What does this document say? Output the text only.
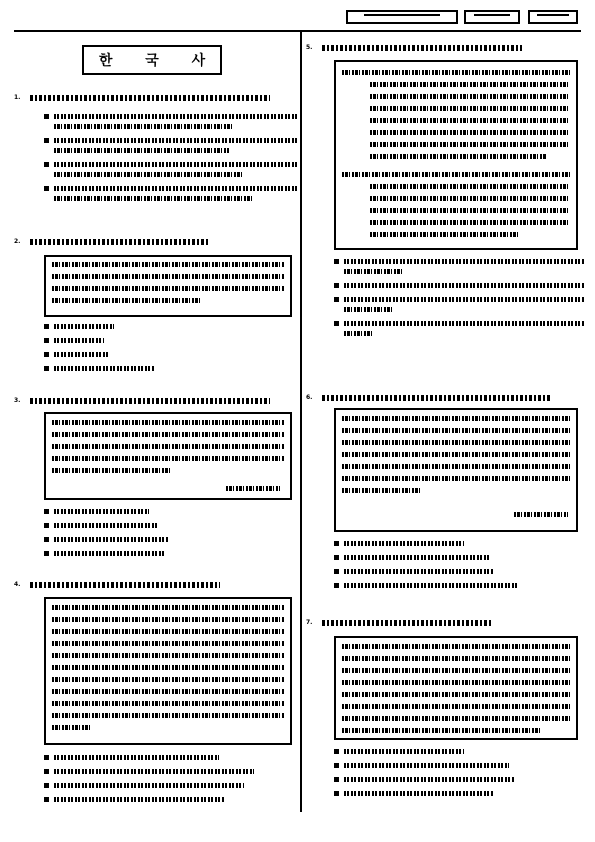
한 국 사
1.
2.
3.
4.
5.
6.
7.
